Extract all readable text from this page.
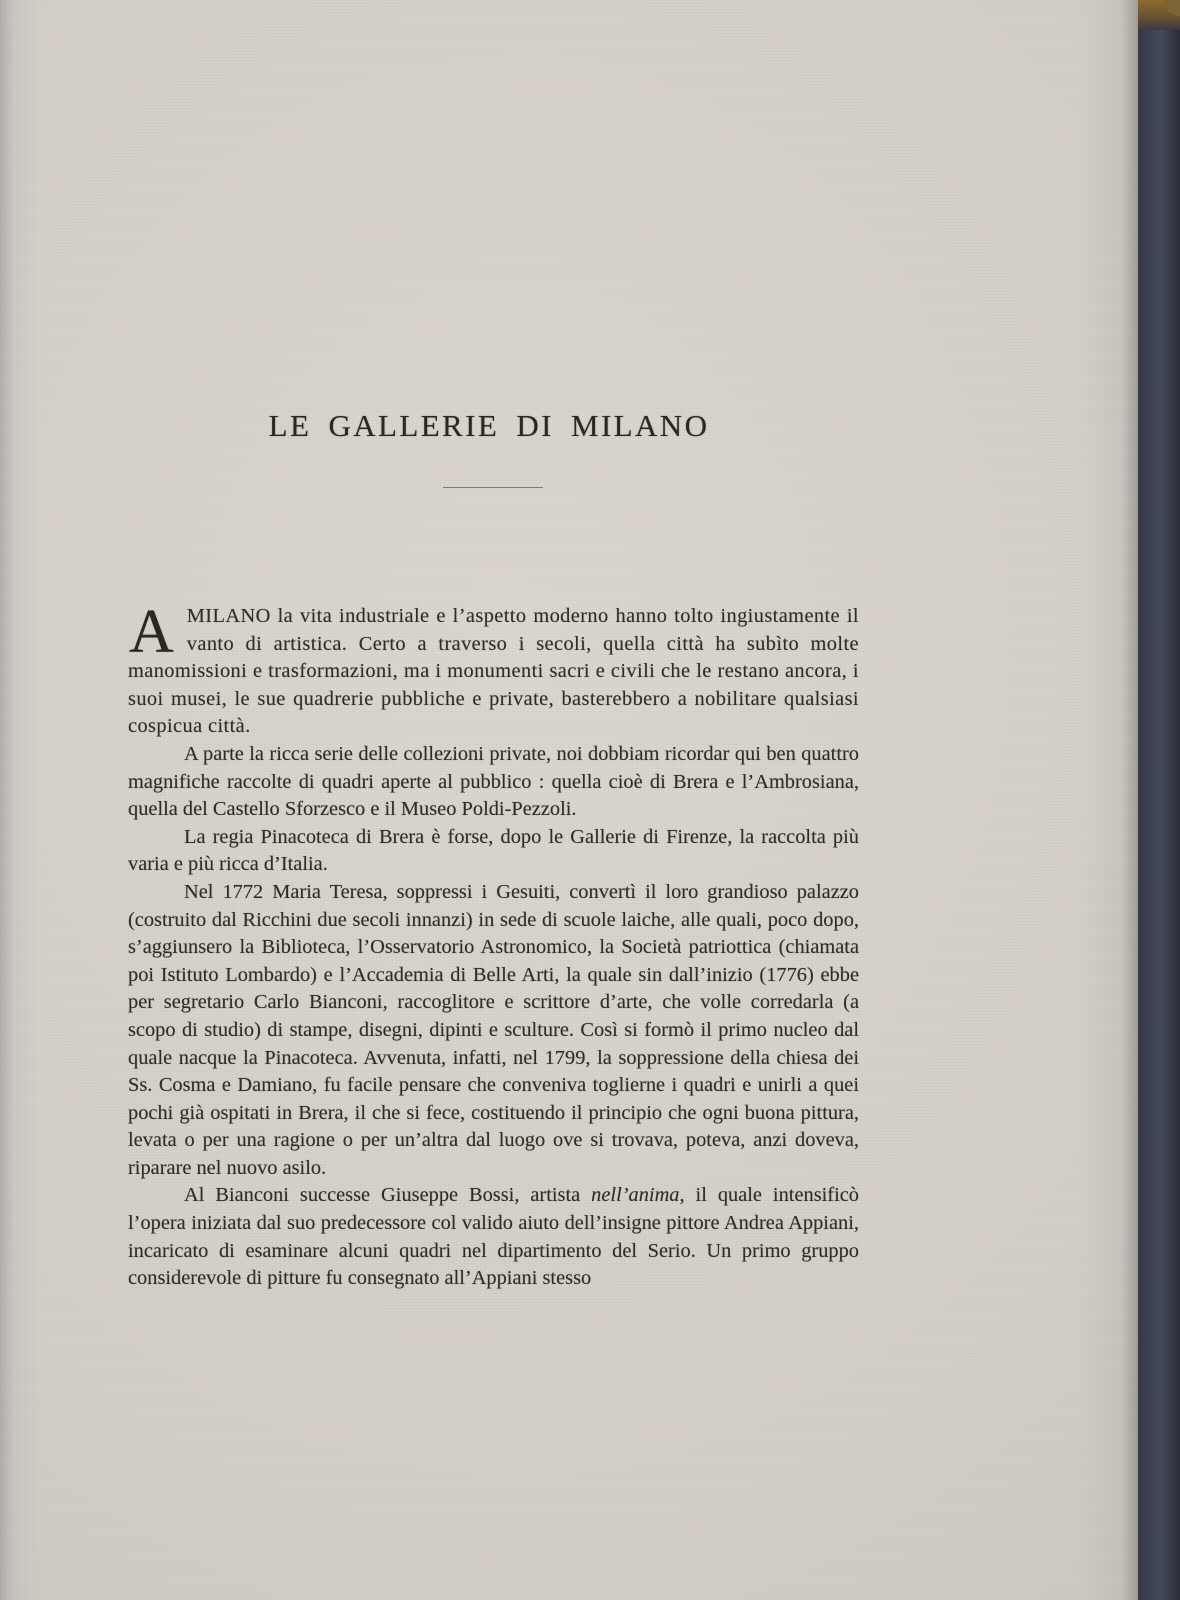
LE GALLERIE DI MILANO

AMILANO la vita industriale e l’aspetto moderno hanno tolto ingiustamente il vanto di artistica. Certo a traverso i secoli, quella città ha subìto molte manomissioni e trasformazioni, ma i monumenti sacri e civili che le restano ancora, i suoi musei, le sue quadrerie pubbliche e private, basterebbero a nobilitare qualsiasi cospicua città.

A parte la ricca serie delle collezioni private, noi dobbiam ricordar qui ben quattro magnifiche raccolte di quadri aperte al pubblico : quella cioè di Brera e l’Ambrosiana, quella del Castello Sforzesco e il Museo Poldi-Pezzoli.

La regia Pinacoteca di Brera è forse, dopo le Gallerie di Firenze, la raccolta più varia e più ricca d’Italia.

Nel 1772 Maria Teresa, soppressi i Gesuiti, convertì il loro grandioso palazzo (costruito dal Ricchini due secoli innanzi) in sede di scuole laiche, alle quali, poco dopo, s’aggiunsero la Biblioteca, l’Osservatorio Astronomico, la Società patriottica (chiamata poi Istituto Lombardo) e l’Accademia di Belle Arti, la quale sin dall’inizio (1776) ebbe per segretario Carlo Bianconi, raccoglitore e scrittore d’arte, che volle corredarla (a scopo di studio) di stampe, disegni, dipinti e sculture. Così si formò il primo nucleo dal quale nacque la Pinacoteca. Avvenuta, infatti, nel 1799, la soppressione della chiesa dei Ss. Cosma e Damiano, fu facile pensare che conveniva toglierne i quadri e unirli a quei pochi già ospitati in Brera, il che si fece, costituendo il principio che ogni buona pittura, levata o per una ragione o per un’altra dal luogo ove si trovava, poteva, anzi doveva, riparare nel nuovo asilo.

Al Bianconi successe Giuseppe Bossi, artista nell’anima, il quale intensificò l’opera iniziata dal suo predecessore col valido aiuto dell’insigne pittore Andrea Appiani, incaricato di esaminare alcuni quadri nel dipartimento del Serio. Un primo gruppo considerevole di pitture fu consegnato all’Appiani stesso
